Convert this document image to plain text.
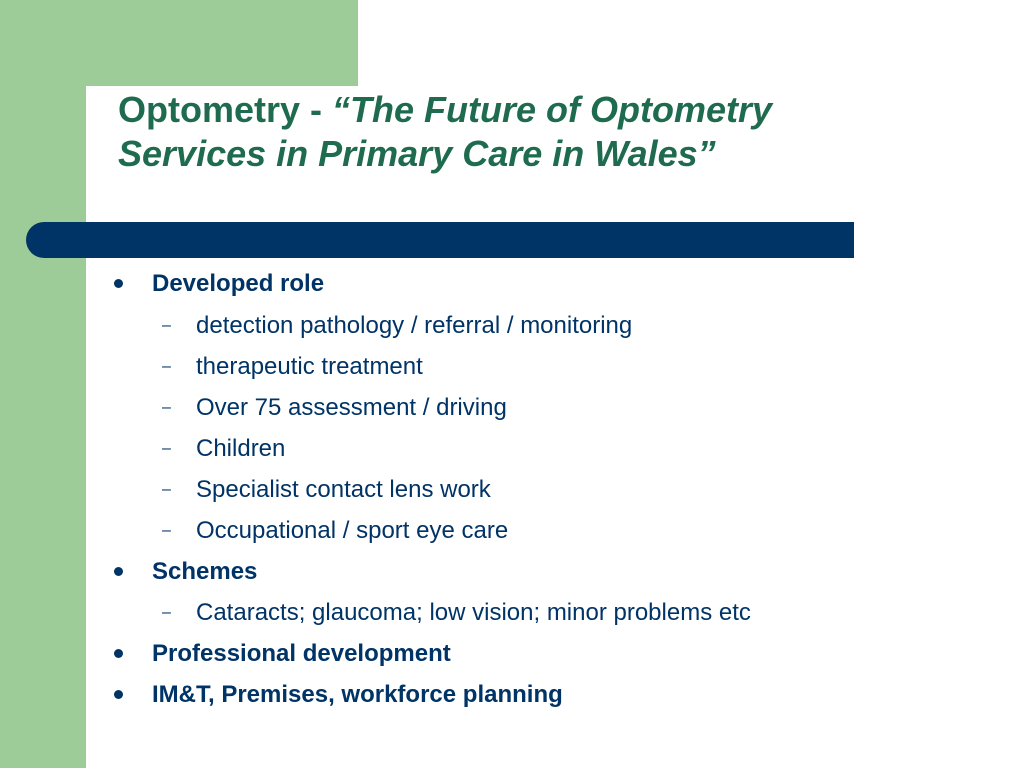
Optometry - “The Future of Optometry
Services in Primary Care in Wales”
Developed role
– detection pathology / referral / monitoring
– therapeutic treatment
– Over 75 assessment / driving
– Children
– Specialist contact lens work
– Occupational / sport eye care
Schemes
– Cataracts; glaucoma; low vision; minor problems etc
Professional development
IM&T, Premises, workforce planning
